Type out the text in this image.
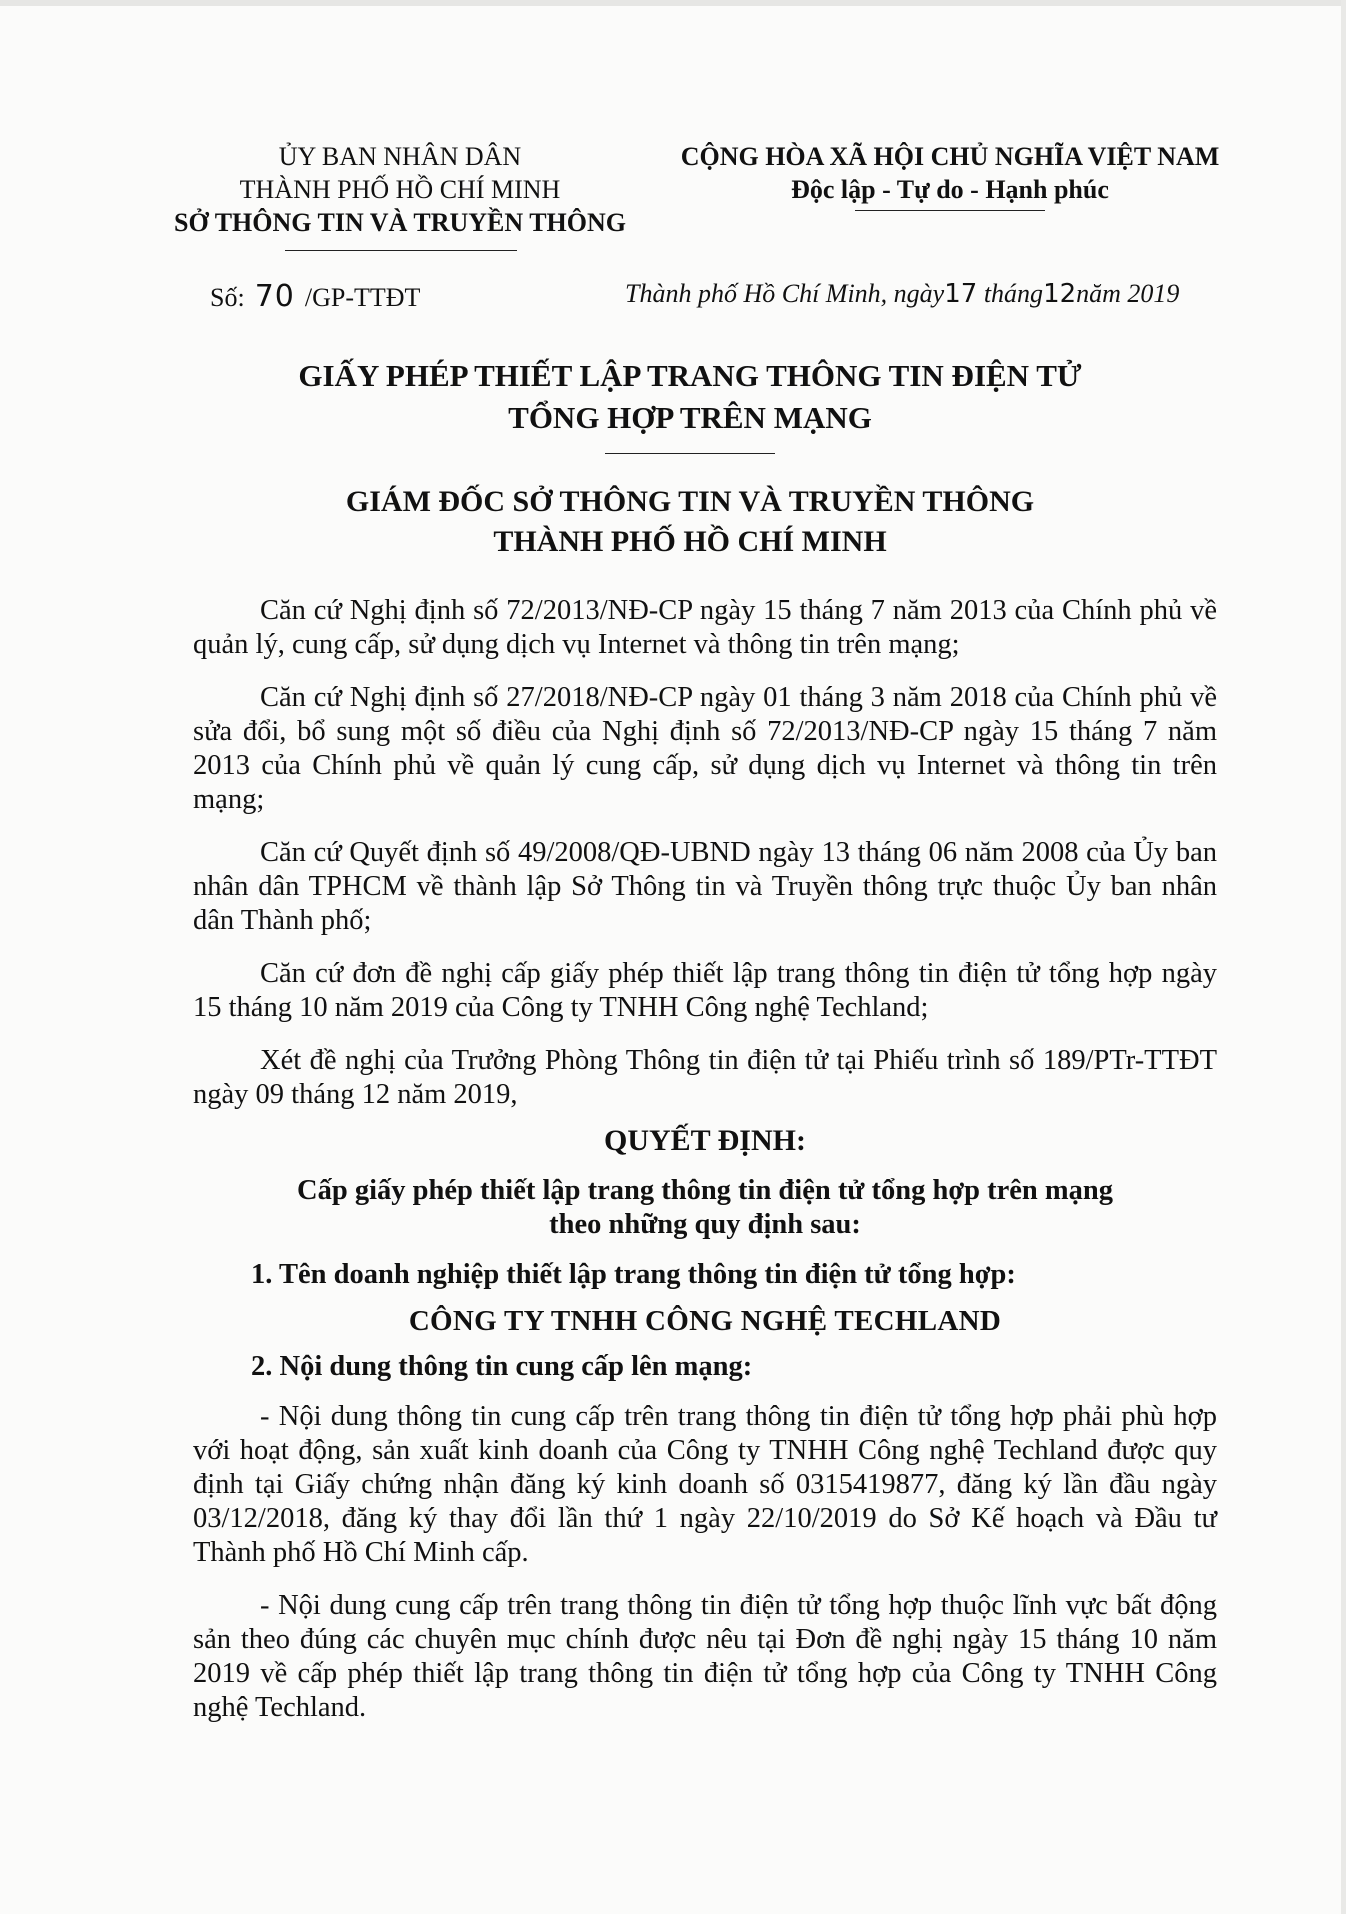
ỦY BAN NHÂN DÂN
THÀNH PHỐ HỒ CHÍ MINH
SỞ THÔNG TIN VÀ TRUYỀN THÔNG
CỘNG HÒA XÃ HỘI CHỦ NGHĨA VIỆT NAM
Độc lập - Tự do - Hạnh phúc
Số: 70 /GP-TTĐT	Thành phố Hồ Chí Minh, ngày17 tháng12năm 2019
GIẤY PHÉP THIẾT LẬP TRANG THÔNG TIN ĐIỆN TỬ
TỔNG HỢP TRÊN MẠNG
GIÁM ĐỐC SỞ THÔNG TIN VÀ TRUYỀN THÔNG
THÀNH PHỐ HỒ CHÍ MINH

Căn cứ Nghị định số 72/2013/NĐ-CP ngày 15 tháng 7 năm 2013 của Chính phủ về quản lý, cung cấp, sử dụng dịch vụ Internet và thông tin trên mạng;

Căn cứ Nghị định số 27/2018/NĐ-CP ngày 01 tháng 3 năm 2018 của Chính phủ về sửa đổi, bổ sung một số điều của Nghị định số 72/2013/NĐ-CP ngày 15 tháng 7 năm 2013 của Chính phủ về quản lý cung cấp, sử dụng dịch vụ Internet và thông tin trên mạng;

Căn cứ Quyết định số 49/2008/QĐ-UBND ngày 13 tháng 06 năm 2008 của Ủy ban nhân dân TPHCM về thành lập Sở Thông tin và Truyền thông trực thuộc Ủy ban nhân dân Thành phố;

Căn cứ đơn đề nghị cấp giấy phép thiết lập trang thông tin điện tử tổng hợp ngày 15 tháng 10 năm 2019 của Công ty TNHH Công nghệ Techland;

Xét đề nghị của Trưởng Phòng Thông tin điện tử tại Phiếu trình số 189/PTr-TTĐT ngày 09 tháng 12 năm 2019,

QUYẾT ĐỊNH:
Cấp giấy phép thiết lập trang thông tin điện tử tổng hợp trên mạng
theo những quy định sau:
1. Tên doanh nghiệp thiết lập trang thông tin điện tử tổng hợp:
CÔNG TY TNHH CÔNG NGHỆ TECHLAND
2. Nội dung thông tin cung cấp lên mạng:

- Nội dung thông tin cung cấp trên trang thông tin điện tử tổng hợp phải phù hợp với hoạt động, sản xuất kinh doanh của Công ty TNHH Công nghệ Techland được quy định tại Giấy chứng nhận đăng ký kinh doanh số 0315419877, đăng ký lần đầu ngày 03/12/2018, đăng ký thay đổi lần thứ 1 ngày 22/10/2019 do Sở Kế hoạch và Đầu tư Thành phố Hồ Chí Minh cấp.

- Nội dung cung cấp trên trang thông tin điện tử tổng hợp thuộc lĩnh vực bất động sản theo đúng các chuyên mục chính được nêu tại Đơn đề nghị ngày 15 tháng 10 năm 2019 về cấp phép thiết lập trang thông tin điện tử tổng hợp của Công ty TNHH Công nghệ Techland.
